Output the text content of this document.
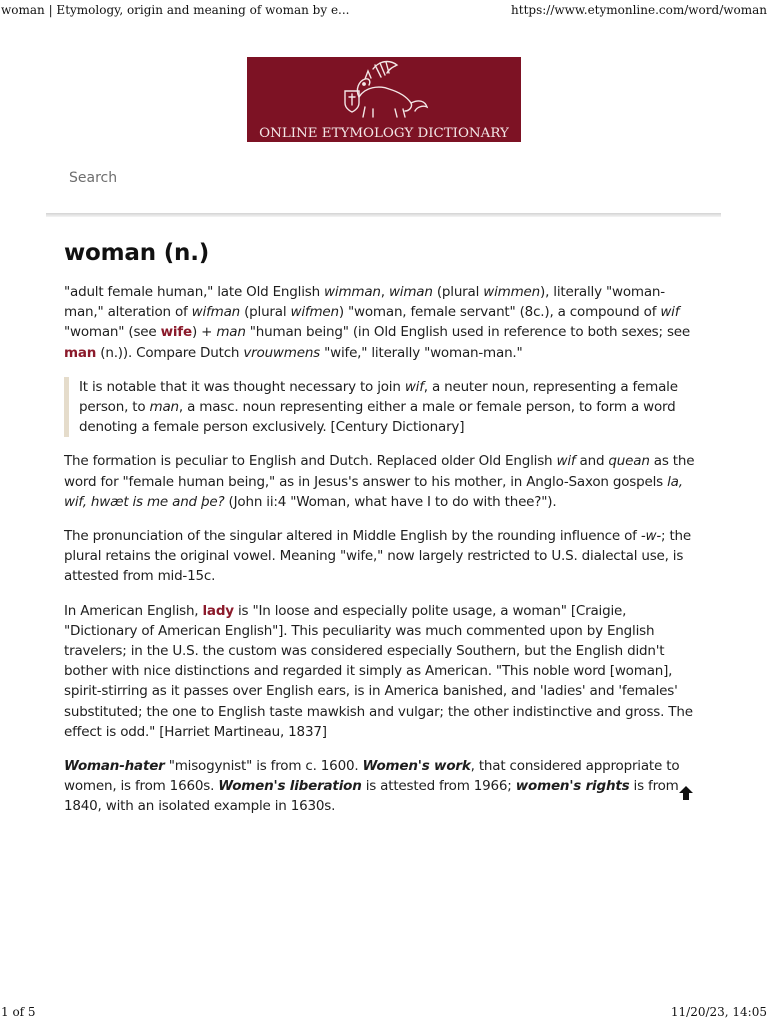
woman | Etymology, origin and meaning of woman by e...	https://www.etymonline.com/word/woman
ONLINE ETYMOLOGY DICTIONARY
Search
woman (n.)

"adult female human," late Old English wimman, wiman (plural wimmen), literally "woman-man," alteration of wifman (plural wifmen) "woman, female servant" (8c.), a compound of wif "woman" (see wife) + man "human being" (in Old English used in reference to both sexes; see man (n.)). Compare Dutch vrouwmens "wife," literally "woman-man."

It is notable that it was thought necessary to join wif, a neuter noun, representing a female person, to man, a masc. noun representing either a male or female person, to form a word denoting a female person exclusively. [Century Dictionary]

The formation is peculiar to English and Dutch. Replaced older Old English wif and quean as the word for "female human being," as in Jesus's answer to his mother, in Anglo-Saxon gospels la, wif, hwæt is me and þe? (John ii:4 "Woman, what have I to do with thee?").

The pronunciation of the singular altered in Middle English by the rounding influence of -w-; the plural retains the original vowel. Meaning "wife," now largely restricted to U.S. dialectal use, is attested from mid-15c.

In American English, lady is "In loose and especially polite usage, a woman" [Craigie, "Dictionary of American English"]. This peculiarity was much commented upon by English travelers; in the U.S. the custom was considered especially Southern, but the English didn't bother with nice distinctions and regarded it simply as American. "This noble word [woman], spirit-stirring as it passes over English ears, is in America banished, and 'ladies' and 'females' substituted; the one to English taste mawkish and vulgar; the other indistinctive and gross. The effect is odd." [Harriet Martineau, 1837]

Woman-hater "misogynist" is from c. 1600. Women's work, that considered appropriate to women, is from 1660s. Women's liberation is attested from 1966; women's rights is from 1840, with an isolated example in 1630s.

1 of 5	11/20/23, 14:05
